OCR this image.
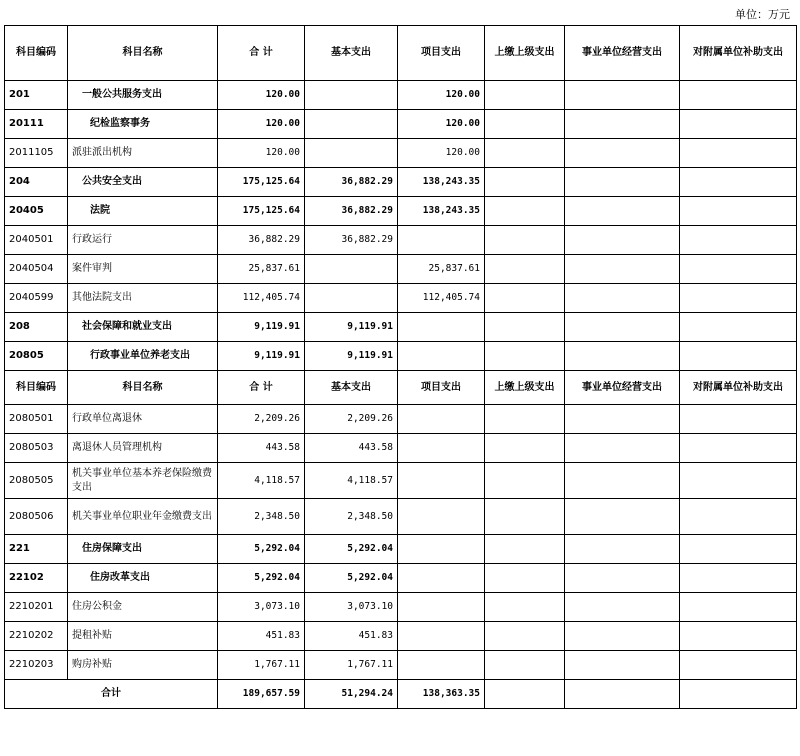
单位：万元
科目编码	科目名称	合 计	基本支出	项目支出	上缴上级支出	事业单位经营支出	对附属单位补助支出
201	一般公共服务支出	120.00		120.00			
20111	纪检监察事务	120.00		120.00			
2011105	派驻派出机构	120.00		120.00			
204	公共安全支出	175,125.64	36,882.29	138,243.35			
20405	法院	175,125.64	36,882.29	138,243.35			
2040501	行政运行	36,882.29	36,882.29				
2040504	案件审判	25,837.61		25,837.61			
2040599	其他法院支出	112,405.74		112,405.74			
208	社会保障和就业支出	9,119.91	9,119.91				
20805	行政事业单位养老支出	9,119.91	9,119.91				
科目编码	科目名称	合 计	基本支出	项目支出	上缴上级支出	事业单位经营支出	对附属单位补助支出
2080501	行政单位离退休	2,209.26	2,209.26				
2080503	离退休人员管理机构	443.58	443.58				
2080505	机关事业单位基本养老保险缴费支出	4,118.57	4,118.57				
2080506	机关事业单位职业年金缴费支出	2,348.50	2,348.50				
221	住房保障支出	5,292.04	5,292.04				
22102	住房改革支出	5,292.04	5,292.04				
2210201	住房公积金	3,073.10	3,073.10				
2210202	提租补贴	451.83	451.83				
2210203	购房补贴	1,767.11	1,767.11				
合计		189,657.59	51,294.24	138,363.35			
